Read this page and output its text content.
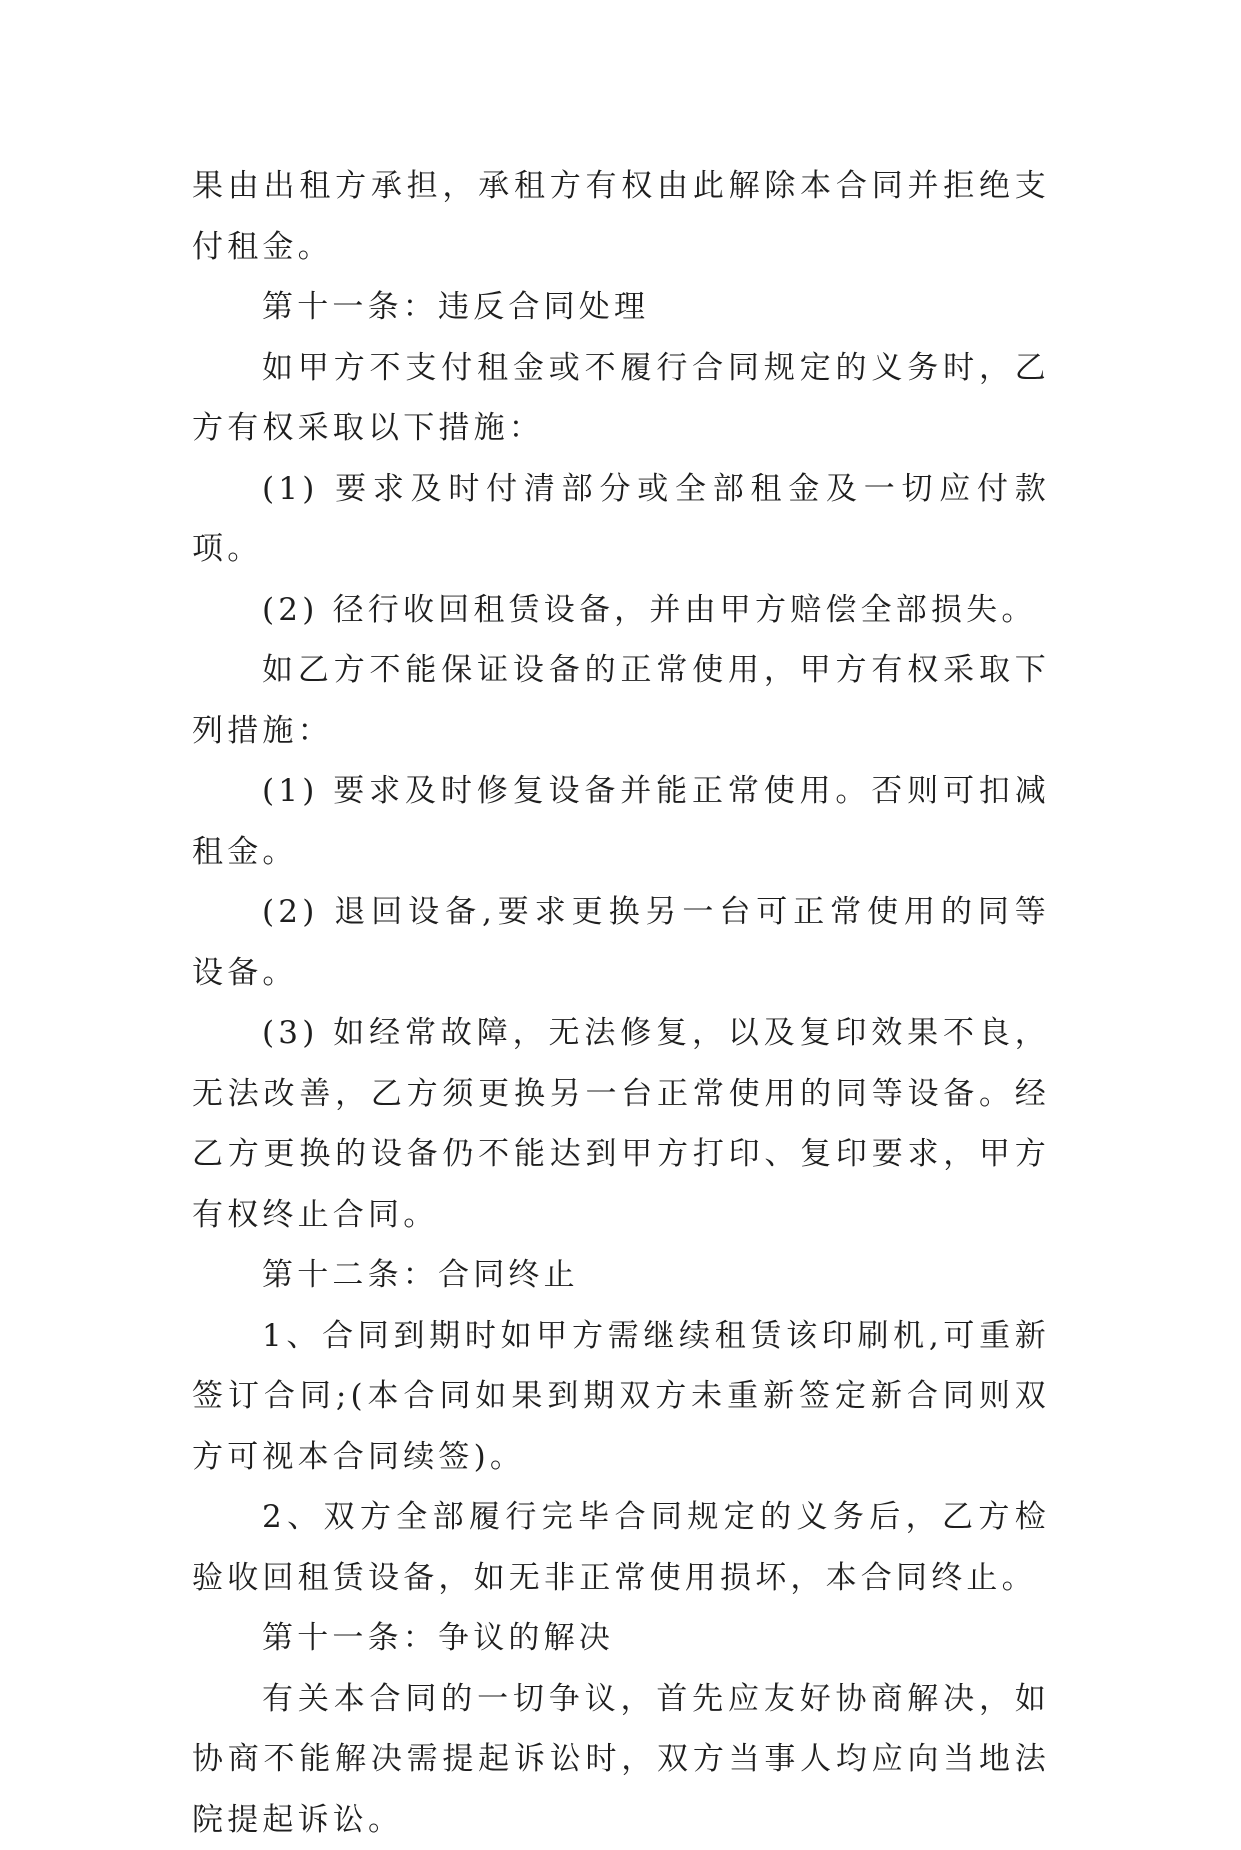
果由出租方承担，承租方有权由此解除本合同并拒绝支付租金。

第十一条：违反合同处理

如甲方不支付租金或不履行合同规定的义务时，乙方有权采取以下措施：

(1) 要求及时付清部分或全部租金及一切应付款项。

(2) 径行收回租赁设备，并由甲方赔偿全部损失。

如乙方不能保证设备的正常使用，甲方有权采取下列措施：

(1) 要求及时修复设备并能正常使用。否则可扣减租金。

(2) 退回设备,要求更换另一台可正常使用的同等设备。

(3) 如经常故障，无法修复，以及复印效果不良，无法改善，乙方须更换另一台正常使用的同等设备。经乙方更换的设备仍不能达到甲方打印、复印要求，甲方有权终止合同。

第十二条：合同终止

1、合同到期时如甲方需继续租赁该印刷机,可重新签订合同;(本合同如果到期双方未重新签定新合同则双方可视本合同续签)。

2、双方全部履行完毕合同规定的义务后，乙方检验收回租赁设备，如无非正常使用损坏，本合同终止。

第十一条：争议的解决

有关本合同的一切争议，首先应友好协商解决，如协商不能解决需提起诉讼时，双方当事人均应向当地法院提起诉讼。
